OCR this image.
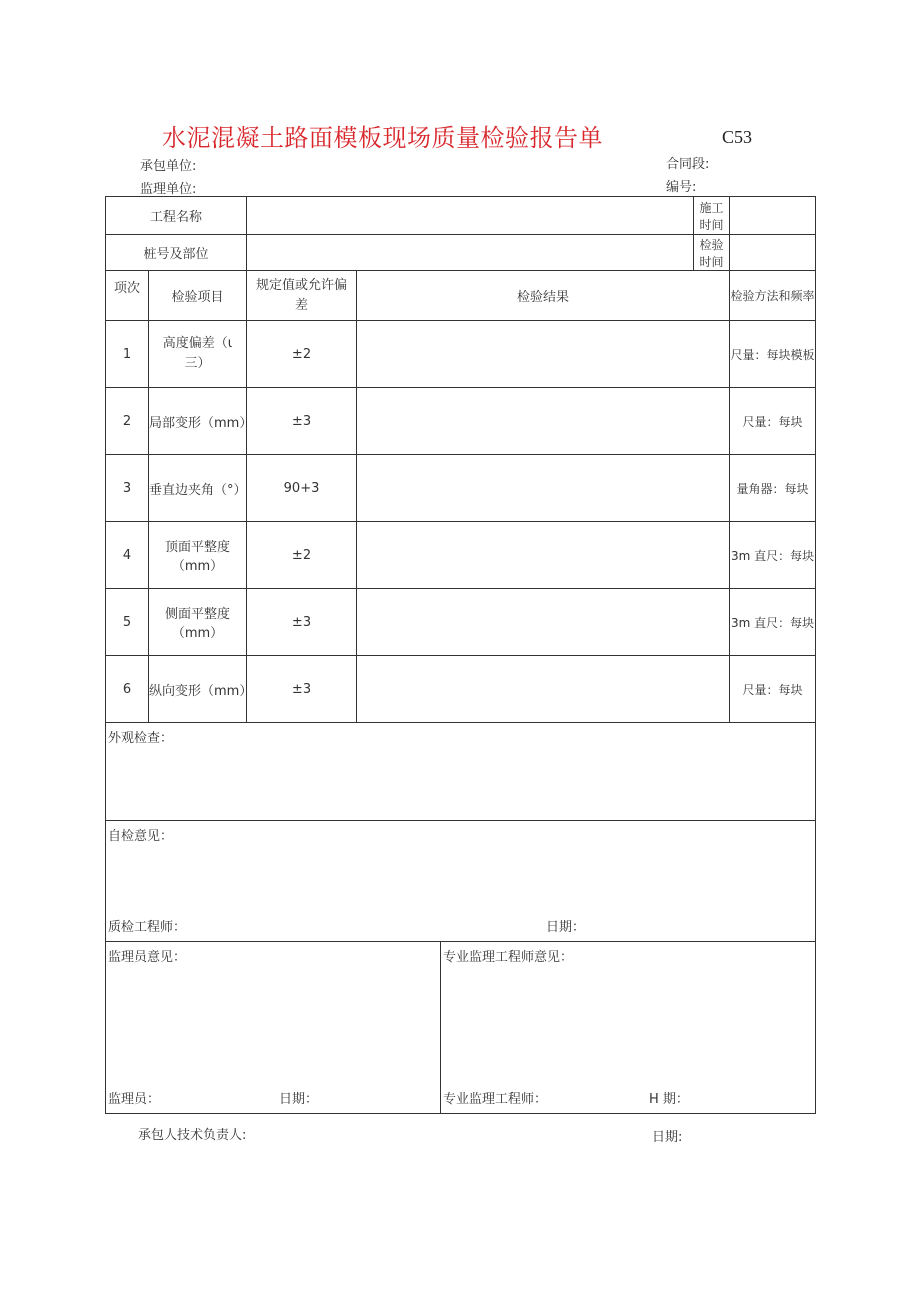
水泥混凝土路面模板现场质量检验报告单	C53
承包单位:	合同段:
监理单位:	编号:
工程名称					施工时间	
桩号及部位					检验时间	
项次	检验项目	规定值或允许偏差	检验结果			检验方法和频率
1	高度偏差（ι 三）	±2				尺量：每块模板
2	局部变形（mm）	±3				尺量：每块
3	垂直边夹角（°）	90+3				量角器：每块
4	顶面平整度（mm）	±2				3m 直尺：每块
5	侧面平整度（mm）	±3				3m 直尺：每块
6	纵向变形（mm）	±3				尺量：每块
外观检查：						

自检意见：
质检工程师： 日期：						

监理员意见：
监理员： 日期：				专业监理工程师意见：
专业监理工程师： H 期：		
承包人技术负责人:	日期:
